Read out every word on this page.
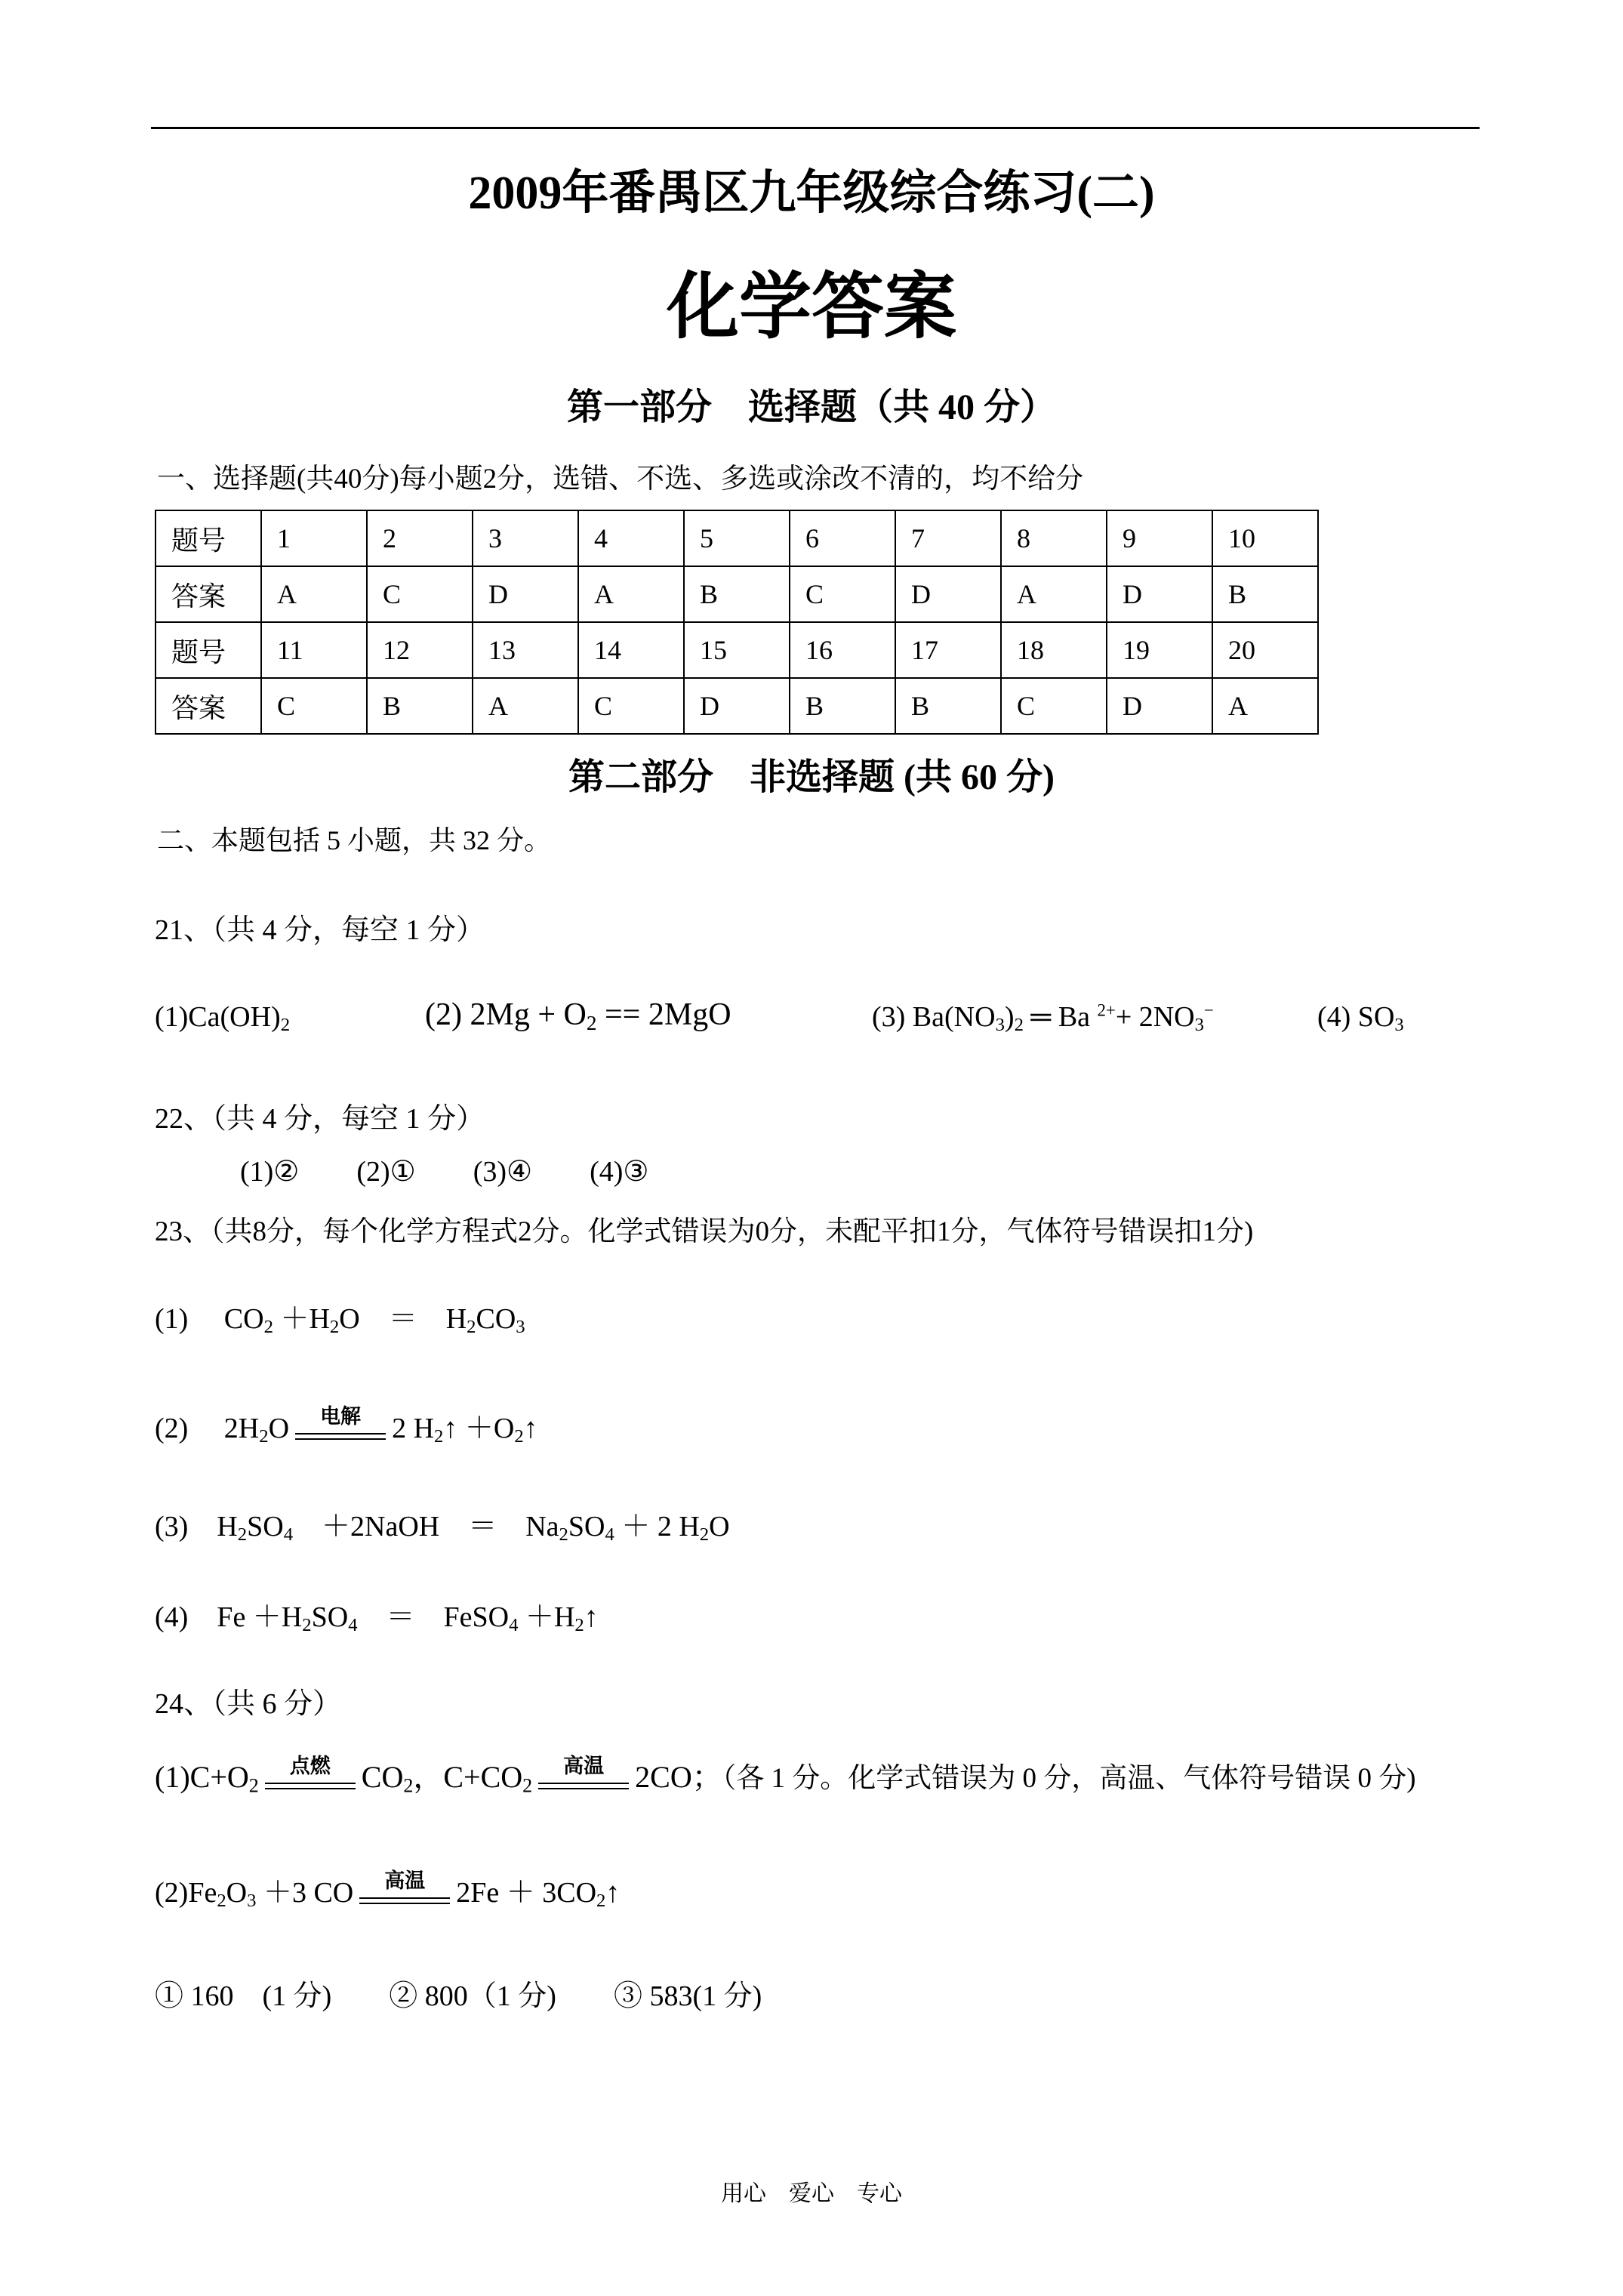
2009年番禺区九年级综合练习(二)
化学答案
第一部分　选择题（共 40 分）
一、选择题(共40分)每小题2分，选错、不选、多选或涂改不清的，均不给分
题号	1	2	3	4	5	6	7	8	9	10
答案	A	C	D	A	B	C	D	A	D	B
题号	11	12	13	14	15	16	17	18	19	20
答案	C	B	A	C	D	B	B	C	D	A
第二部分　非选择题 (共 60 分)
二、本题包括 5 小题，共 32 分。
21、（共 4 分，每空 1 分）
$(1)Ca(OH)_2$	(2) $2Mg + O_2 == 2MgO$	(3) $Ba(NO_3)_2$ ═ Ba $^{2+}+ 2NO_3^-$	(4) $SO_3$
22、（共 4 分，每空 1 分）
(1)②　　(2)①　　(3)④　　(4)③
23、（共8分，每个化学方程式2分。化学式错误为0分，未配平扣1分，气体符号错误扣1分)
(1)　 $CO_2 +H_2O$　＝　$H_2CO_3$
(2)　 $2H_2O$	电解	2 $H_2↑$ $+O_2↑$
(3)　$H_2SO_4$　＋2NaOH　＝　$Na_2SO_4 + 2$ $H_2O$
(4)　$Fe +H_2SO_4$　＝　FeSO$_4$ $+H_2↑$
24、（共 6 分）
$(1)C+O_2$
点燃	$CO_2$，$C+CO_2$
高温	2CO；（各 1 分。化学式错误为 0 分，高温、气体符号错误 0 分)
$(2)Fe_2O_3 +3$ CO	高温	$2Fe + 3CO_2↑$
① 160　(1 分)　　② 800（1 分)　　③ 583(1 分)
用心　爱心　专心
